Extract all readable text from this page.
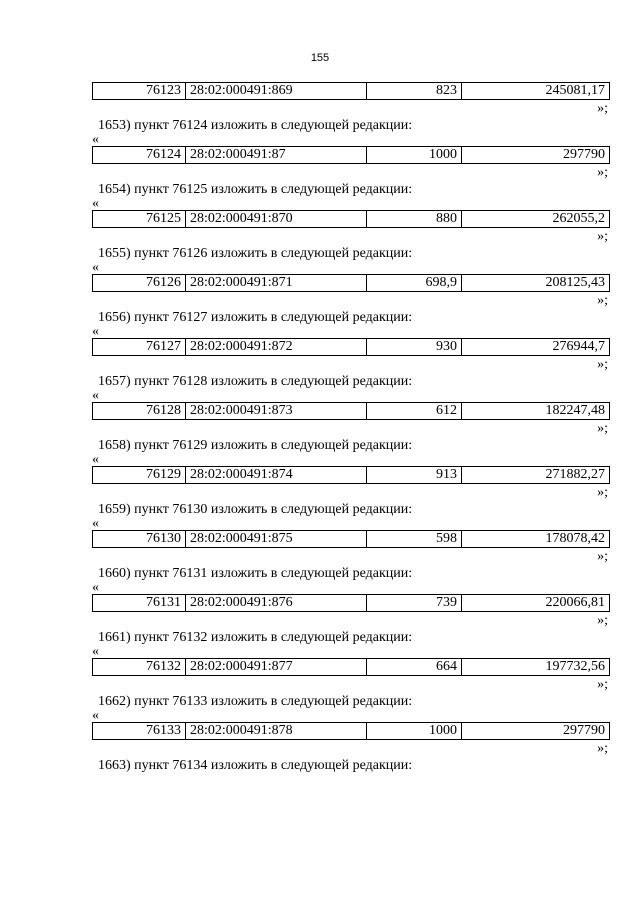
155
76123	28:02:000491:869	823	245081,17
»;
1653) пункт 76124 изложить в следующей редакции:
«
76124	28:02:000491:87	1000	297790
»;
1654) пункт 76125 изложить в следующей редакции:
«
76125	28:02:000491:870	880	262055,2
»;
1655) пункт 76126 изложить в следующей редакции:
«
76126	28:02:000491:871	698,9	208125,43
»;
1656) пункт 76127 изложить в следующей редакции:
«
76127	28:02:000491:872	930	276944,7
»;
1657) пункт 76128 изложить в следующей редакции:
«
76128	28:02:000491:873	612	182247,48
»;
1658) пункт 76129 изложить в следующей редакции:
«
76129	28:02:000491:874	913	271882,27
»;
1659) пункт 76130 изложить в следующей редакции:
«
76130	28:02:000491:875	598	178078,42
»;
1660) пункт 76131 изложить в следующей редакции:
«
76131	28:02:000491:876	739	220066,81
»;
1661) пункт 76132 изложить в следующей редакции:
«
76132	28:02:000491:877	664	197732,56
»;
1662) пункт 76133 изложить в следующей редакции:
«
76133	28:02:000491:878	1000	297790
»;
1663) пункт 76134 изложить в следующей редакции:
